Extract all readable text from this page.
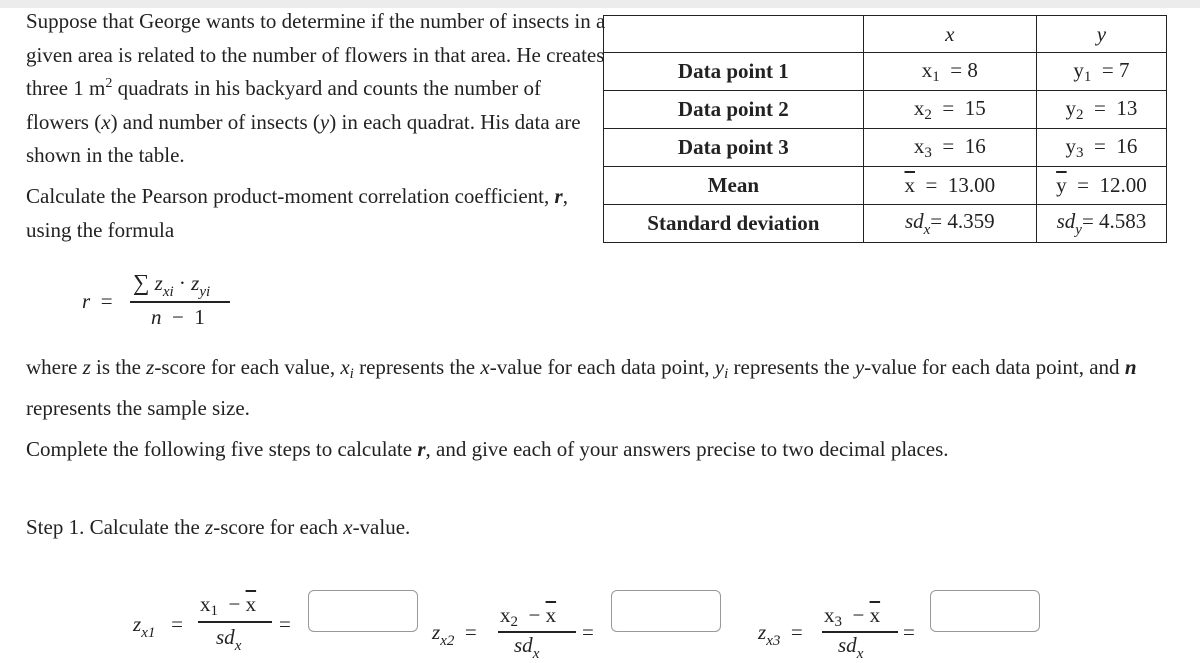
Suppose that George wants to determine if the number of insects in a given area is related to the number of flowers in that area. He creates three 1 $m^2$ quadrats in his backyard and counts the number of flowers (x) and number of insects (y) in each quadrat. His data are shown in the table.
Calculate the Pearson product-moment correlation coefficient, r, using the formula
	x	y
Data point 1	$x_1 = 8$	$y_1 = 7$
Data point 2	$x_2 = 15$	$y_2 = 13$
Data point 3	$x_3 = 16$	$y_3 = 16$
Mean	$\overline{x} = 13.00$	$\overline{y} = 12.00$
Standard deviation	$sd_x= 4.359$	$sd_y= 4.583$
r  =
∑ $z_{xi} \cdot z_{yi}$
n  −  1
where z is the z-score for each value, $x_i$ represents the x-value for each data point, $y_i$ represents the y-value for each data point, and n represents the sample size.
Complete the following five steps to calculate r, and give each of your answers precise to two decimal places.
Step 1. Calculate the z-score for each x-value.
$z_{x1}$   =
$x_1 - \overline{x}$
$sd_x$
=	$z_{x2}$  =
$x_2 - \overline{x}$
$sd_x$
=	$z_{x3}$  =
$x_3 - \overline{x}$
$sd_x$
=
